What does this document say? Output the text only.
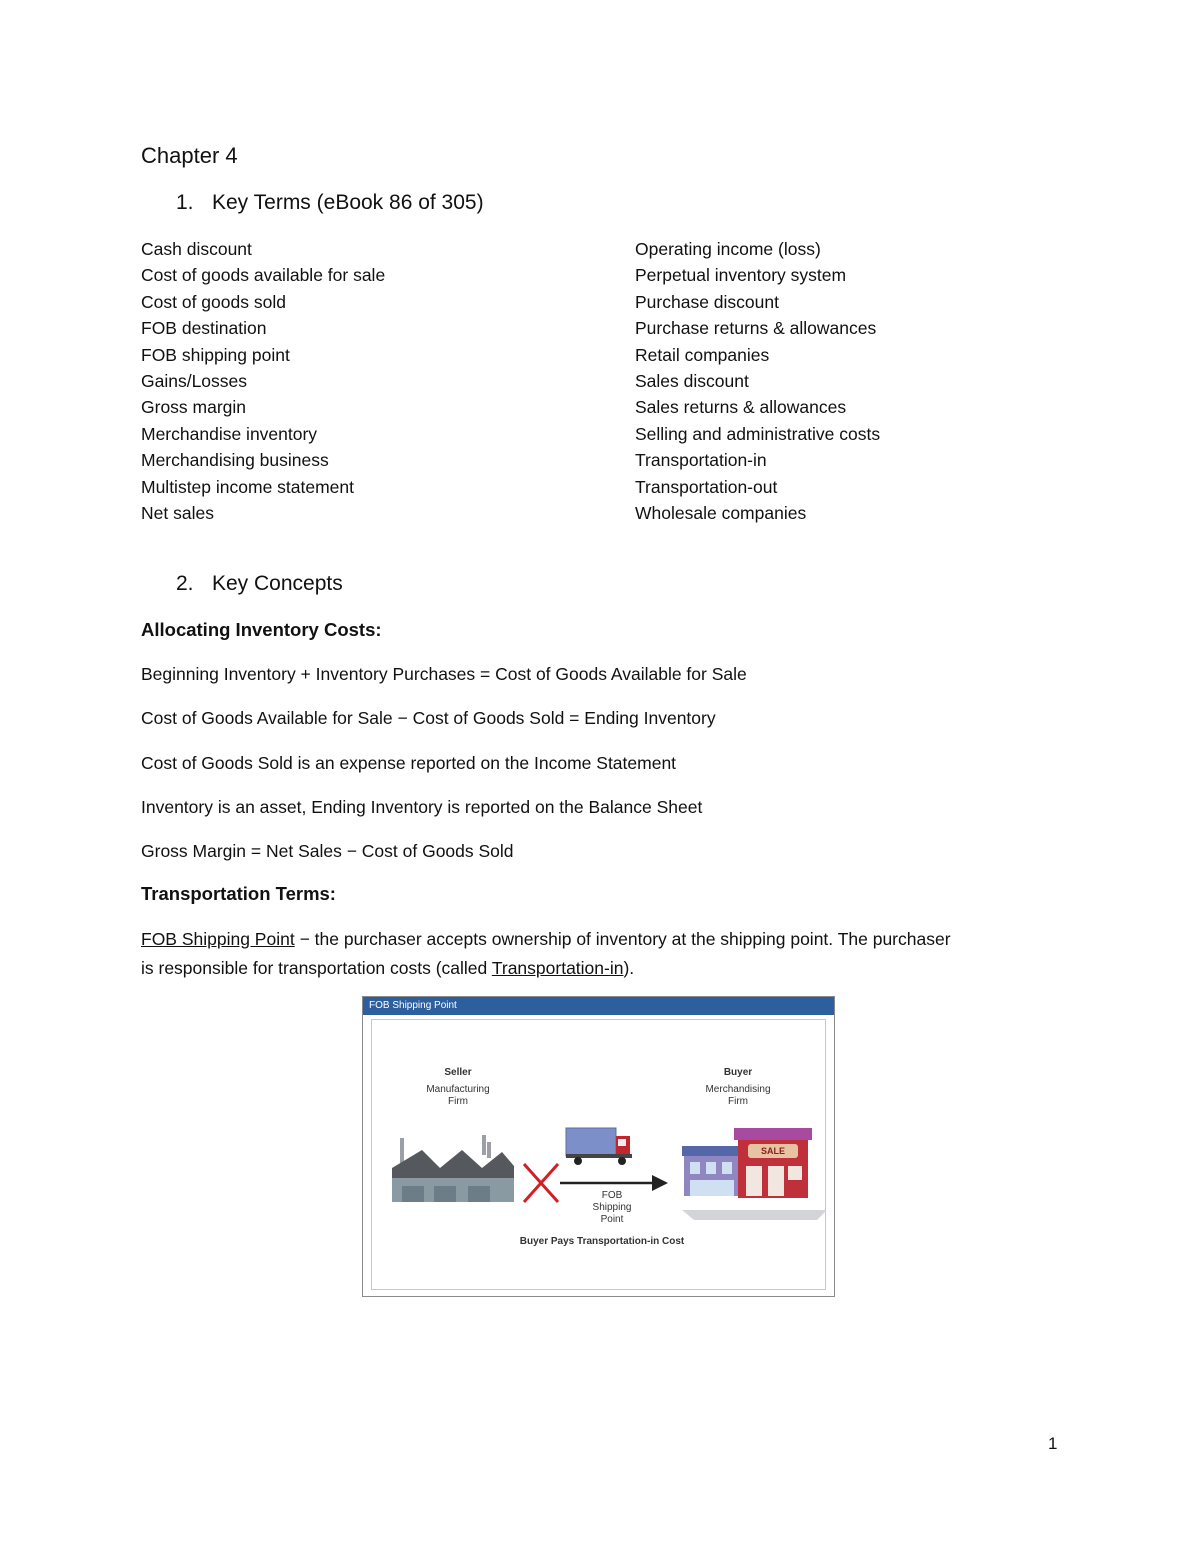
Chapter 4
1. Key Terms (eBook 86 of 305)
Cash discount
Cost of goods available for sale
Cost of goods sold
FOB destination
FOB shipping point
Gains/Losses
Gross margin
Merchandise inventory
Merchandising business
Multistep income statement
Net sales
Operating income (loss)
Perpetual inventory system
Purchase discount
Purchase returns & allowances
Retail companies
Sales discount
Sales returns & allowances
Selling and administrative costs
Transportation-in
Transportation-out
Wholesale companies
2. Key Concepts
Allocating Inventory Costs:
Beginning Inventory + Inventory Purchases = Cost of Goods Available for Sale
Cost of Goods Available for Sale − Cost of Goods Sold = Ending Inventory
Cost of Goods Sold is an expense reported on the Income Statement
Inventory is an asset, Ending Inventory is reported on the Balance Sheet
Gross Margin = Net Sales − Cost of Goods Sold
Transportation Terms:
FOB Shipping Point − the purchaser accepts ownership of inventory at the shipping point. The purchaser
is responsible for transportation costs (called Transportation-in).
FOB Shipping Point
Seller
Manufacturing Firm
Buyer
Merchandising Firm
SALE
FOB Shipping Point
Buyer Pays Transportation-in Cost
1
